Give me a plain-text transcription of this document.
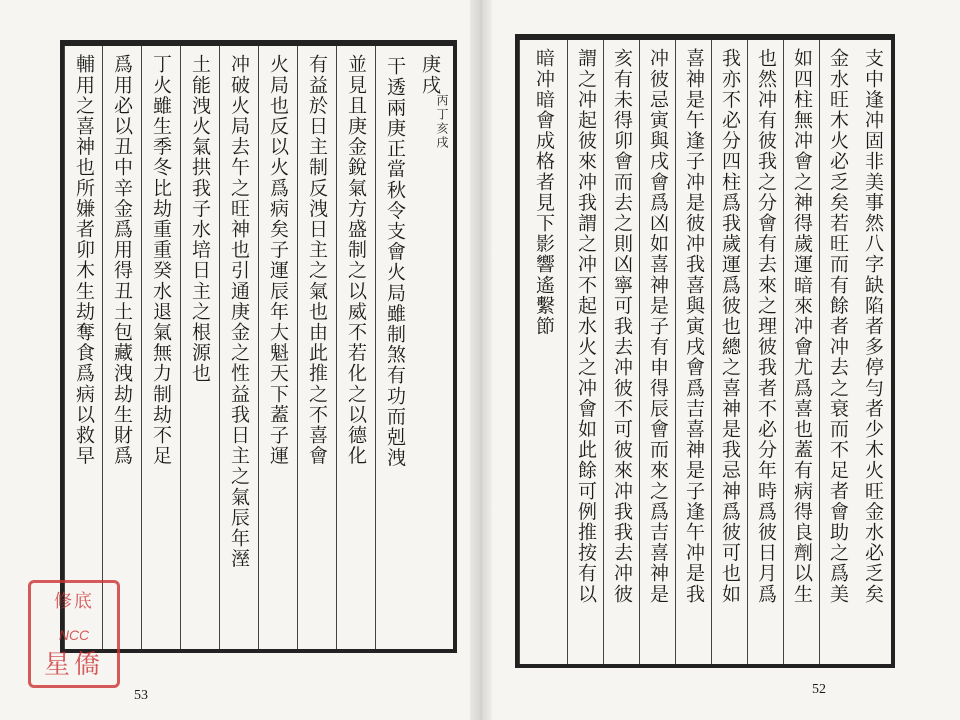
庚戌
丙丁亥戌
干透兩庚正當秋令支會火局雖制煞有功而剋洩
並見且庚金銳氣方盛制之以威不若化之以德化
有益於日主制反洩日主之氣也由此推之不喜會
火局也反以火爲病矣子運辰年大魁天下蓋子運
冲破火局去午之旺神也引通庚金之性益我日主之氣辰年溼
土能洩火氣拱我子水培日主之根源也
丁火雖生季冬比劫重重癸水退氣無力制劫不足
爲用必以丑中辛金爲用得丑土包藏洩劫生財爲
輔用之喜神也所嫌者卯木生劫奪食爲病以救早
53
支中逢冲固非美事然八字缺陷者多停勻者少木火旺金水必乏矣
金水旺木火必乏矣若旺而有餘者冲去之衰而不足者會助之爲美
如四柱無冲會之神得歲運暗來冲會尤爲喜也蓋有病得良劑以生
也然冲有彼我之分會有去來之理彼我者不必分年時爲彼日月爲
我亦不必分四柱爲我歲運爲彼也總之喜神是我忌神爲彼可也如
喜神是午逢子冲是彼冲我喜與寅戌會爲吉喜神是子逢午冲是我
冲彼忌寅與戌會爲凶如喜神是子有申得辰會而來之爲吉喜神是
亥有未得卯會而去之則凶寧可我去冲彼不可彼來冲我我去冲彼
謂之冲起彼來冲我謂之冲不起水火之冲會如此餘可例推按有以
暗冲暗會成格者見下影響遙繫節
52
修底
NCC
星僑
